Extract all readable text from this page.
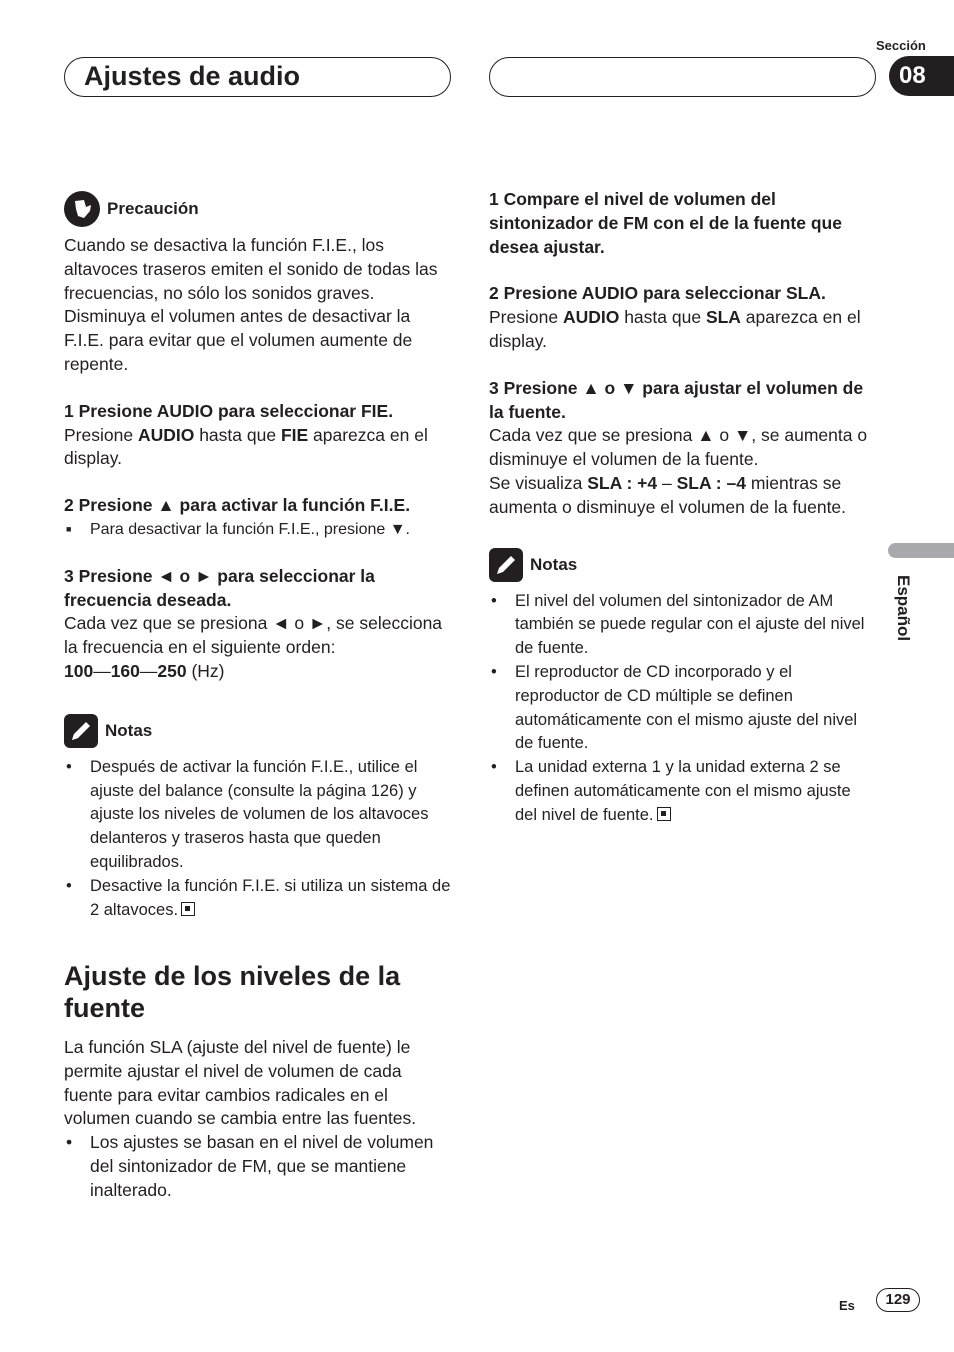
Ajustes de audio
Sección
08
Precaución

Cuando se desactiva la función F.I.E., los altavoces traseros emiten el sonido de todas las frecuencias, no sólo los sonidos graves. Disminuya el volumen antes de desactivar la F.I.E. para evitar que el volumen aumente de repente.

1 Presione AUDIO para seleccionar FIE.

Presione AUDIO hasta que FIE aparezca en el display.

2 Presione ▲ para activar la función F.I.E.

■ Para desactivar la función F.I.E., presione ▼.

3 Presione ◄ o ► para seleccionar la frecuencia deseada.

Cada vez que se presiona ◄ o ►, se selecciona la frecuencia en el siguiente orden:

100—160—250 (Hz)

Notas
• Después de activar la función F.I.E., utilice el ajuste del balance (consulte la página 126) y ajuste los niveles de volumen de los altavoces delanteros y traseros hasta que queden equilibrados.
• Desactive la función F.I.E. si utiliza un sistema de 2 altavoces.
Ajuste de los niveles de la fuente

La función SLA (ajuste del nivel de fuente) le permite ajustar el nivel de volumen de cada fuente para evitar cambios radicales en el volumen cuando se cambia entre las fuentes.

• Los ajustes se basan en el nivel de volumen del sintonizador de FM, que se mantiene inalterado.

1 Compare el nivel de volumen del sintonizador de FM con el de la fuente que desea ajustar.

2 Presione AUDIO para seleccionar SLA.

Presione AUDIO hasta que SLA aparezca en el display.

3 Presione ▲ o ▼ para ajustar el volumen de la fuente.

Cada vez que se presiona ▲ o ▼, se aumenta o disminuye el volumen de la fuente.

Se visualiza SLA : +4 – SLA : –4 mientras se aumenta o disminuye el volumen de la fuente.

Notas
• El nivel del volumen del sintonizador de AM también se puede regular con el ajuste del nivel de fuente.
• El reproductor de CD incorporado y el reproductor de CD múltiple se definen automáticamente con el mismo ajuste del nivel de fuente.
• La unidad externa 1 y la unidad externa 2 se definen automáticamente con el mismo ajuste del nivel de fuente.
Español
Es	129
